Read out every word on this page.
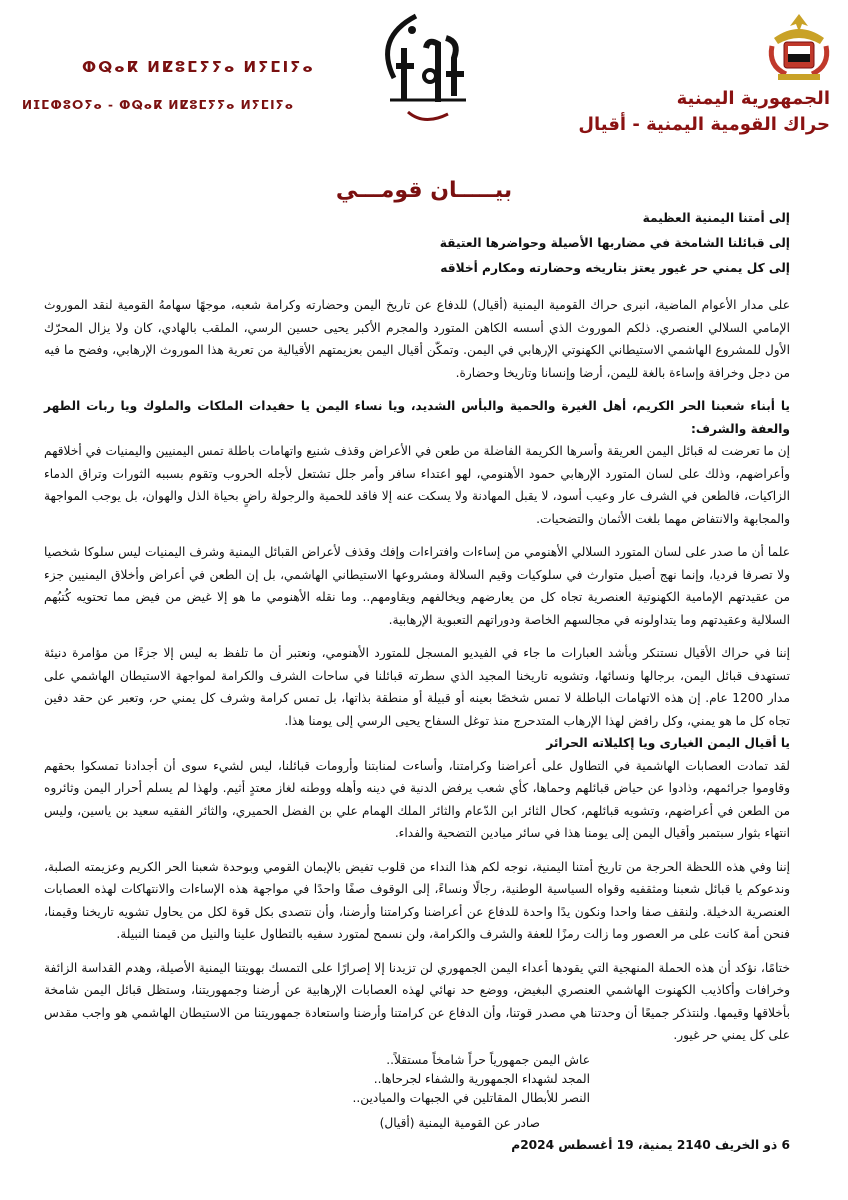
الجمهورية اليمنية
حراك القومية اليمنية - أقيال
ⵀⵕⴰⴽ ⵍⵇⵓⵎⵢⵢⴰ ⵍⵢⵎⵏⵢⴰ
ⵍⵊⵎⵀⵓⵔⵢⴰ - ⵀⵕⴰⴽ ⵍⵇⵓⵎⵢⵢⴰ ⵍⵢⵎⵏⵢⴰ
بيـــــان قومـــي

إلى أمتنا اليمنية العظيمة

إلى قبائلنا الشامخة في مضاربها الأصيلة وحواضرها العتيقة

إلى كل يمني حر غيور يعتز بتاريخه وحضارته ومكارم أخلاقه

على مدار الأعوام الماضية، انبرى حراك القومية اليمنية (أقيال) للدفاع عن تاريخ اليمن وحضارته وكرامة شعبه، موجهًا سهامهُ القومية لنقد الموروث الإمامي السلالي العنصري. ذلكم الموروث الذي أسسه الكاهن المتورد والمجرم الأكبر يحيى حسين الرسي، الملقب بالهادي، كان ولا يزال المحرّك الأول للمشروع الهاشمي الاستيطاني الكهنوتي الإرهابي في اليمن. وتمكّن أقيال اليمن بعزيمتهم الأقيالية من تعرية هذا الموروث الإرهابي، وفضح ما فيه من دجل وخرافة وإساءة بالغة لليمن، أرضا وإنسانا وتاريخا وحضارة.

يا أبناء شعبنا الحر الكريم، أهل الغيرة والحمية والبأس الشديد، ويا نساء اليمن يا حفيدات الملكات والملوك ويا ربات الطهر والعفة والشرف:

إن ما تعرضت له قبائل اليمن العريقة وأسرها الكريمة الفاضلة من طعن في الأعراض وقذف شنيع واتهامات باطلة تمس اليمنيين واليمنيات في أخلاقهم وأعراضهم، وذلك على لسان المتورد الإرهابي حمود الأهنومي، لهو اعتداء سافر وأمر جلل تشتعل لأجله الحروب وتقوم بسببه الثورات وتراق الدماء الزاكيات، فالطعن في الشرف عار وعيب أسود، لا يقبل المهادنة ولا يسكت عنه إلا فاقد للحمية والرجولة راضٍ بحياة الذل والهوان، بل يوجب المواجهة والمجابهة والانتفاض مهما بلغت الأثمان والتضحيات.

علما أن ما صدر على لسان المتورد السلالي الأهنومي من إساءات وافتراءات وإفك وقذف لأعراض القبائل اليمنية وشرف اليمنيات ليس سلوكا شخصيا ولا تصرفا فرديا، وإنما نهج أصيل متوارث في سلوكيات وقيم السلالة ومشروعها الاستيطاني الهاشمي، بل إن الطعن في أعراض وأخلاق اليمنيين جزء من عقيدتهم الإمامية الكهنوتية العنصرية تجاه كل من يعارضهم ويخالفهم ويقاومهم.. وما نقله الأهنومي ما هو إلا غيض من فيض مما تحتويه كُتبُهم السلالية وعقيدتهم وما يتداولونه في مجالسهم الخاصة ودوراتهم التعبوية الإرهابية.

إننا في حراك الأقيال نستنكر وبأشد العبارات ما جاء في الفيديو المسجل للمتورد الأهنومي، ونعتبر أن ما تلفظ به ليس إلا جزءًا من مؤامرة دنيئة تستهدف قبائل اليمن، برجالها ونسائها، وتشويه تاريخنا المجيد الذي سطرته قبائلنا في ساحات الشرف والكرامة لمواجهة الاستيطان الهاشمي على مدار 1200 عام. إن هذه الاتهامات الباطلة لا تمس شخصًا بعينه أو قبيلة أو منطقة بذاتها، بل تمس كرامة وشرف كل يمني حر، وتعبر عن حقد دفين تجاه كل ما هو يمني، وكل رافض لهذا الإرهاب المتدحرج منذ توغل السفاح يحيى الرسي إلى يومنا هذا.

يا أقيال اليمن الغيارى ويا إكليلاته الحرائر

لقد تمادت العصابات الهاشمية في التطاول على أعراضنا وكرامتنا، وأساءت لمنابتنا وأرومات قبائلنا، ليس لشيء سوى أن أجدادنا تمسكوا بحقهم وقاوموا جرائمهم، وذادوا عن حياض قبائلهم وحماها، كأي شعب يرفض الدنية في دينه وأهله ووطنه لغاز معتدٍ أثيم. ولهذا لم يسلم أحرار اليمن وثائروه من الطعن في أعراضهم، وتشويه قبائلهم، كحال الثائر ابن الدّعام والثائر الملك الهمام علي بن الفضل الحميري، والثائر الفقيه سعيد بن ياسين، وليس انتهاء بثوار سبتمبر وأقيال اليمن إلى يومنا هذا في سائر ميادين التضحية والفداء.

إننا وفي هذه اللحظة الحرجة من تاريخ أمتنا اليمنية، نوجه لكم هذا النداء من قلوب تفيض بالإيمان القومي وبوحدة شعبنا الحر الكريم وعزيمته الصلبة، وندعوكم يا قبائل شعبنا ومثقفيه وقواه السياسية الوطنية، رجالًا ونساءً، إلى الوقوف صفًا واحدًا في مواجهة هذه الإساءات والانتهاكات لهذه العصابات العنصرية الدخيلة. ولنقف صفا واحدا ونكون يدًا واحدة للدفاع عن أعراضنا وكرامتنا وأرضنا، وأن نتصدى بكل قوة لكل من يحاول تشويه تاريخنا وقيمنا، فنحن أمة كانت على مر العصور وما زالت رمزًا للعفة والشرف والكرامة، ولن نسمح لمتورد سفيه بالتطاول علينا والنيل من قيمنا النبيلة.

ختامًا، نؤكد أن هذه الحملة المنهجية التي يقودها أعداء اليمن الجمهوري لن تزيدنا إلا إصرارًا على التمسك بهويتنا اليمنية الأصيلة، وهدم القداسة الزائفة وخرافات وأكاذيب الكهنوت الهاشمي العنصري البغيض، ووضع حد نهائي لهذه العصابات الإرهابية عن أرضنا وجمهوريتنا، وستظل قبائل اليمن شامخة بأخلاقها وقيمها. ولنتذكر جميعًا أن وحدتنا هي مصدر قوتنا، وأن الدفاع عن كرامتنا وأرضنا واستعادة جمهوريتنا من الاستيطان الهاشمي هو واجب مقدس على كل يمني حر غيور.

عاش اليمن جمهورياً حراً شامخاً مستقلاً..

المجد لشهداء الجمهورية والشفاء لجرحاها..

النصر للأبطال المقاتلين في الجبهات والميادين..

صادر عن القومية اليمنية (أقيال)

6 ذو الخريف 2140 يمنية، 19 أغسطس 2024م
